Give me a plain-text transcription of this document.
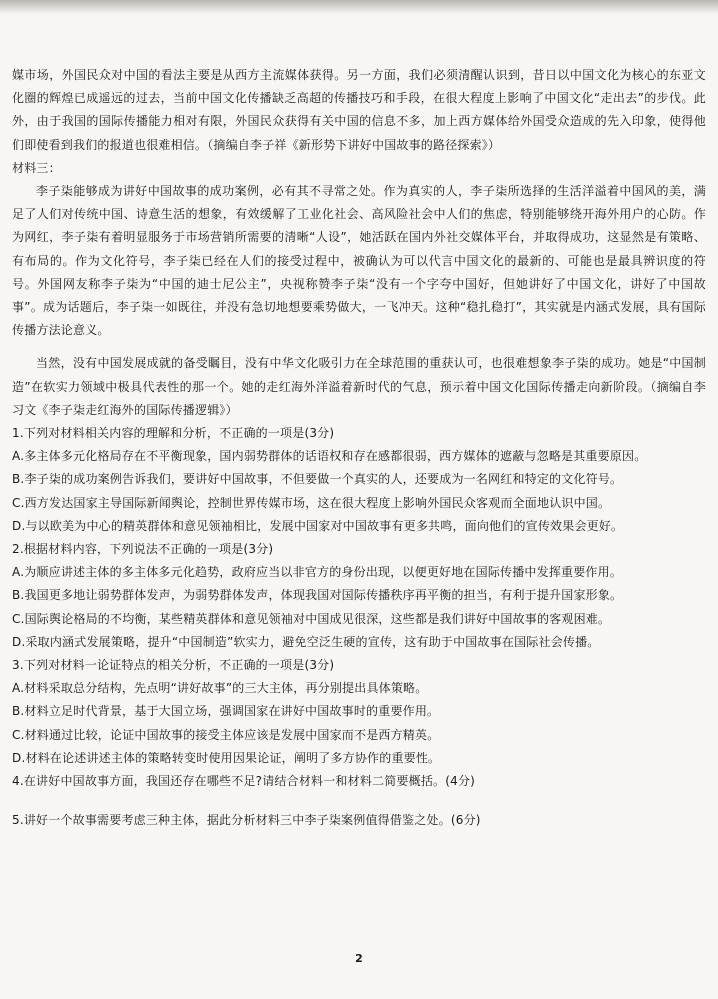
媒市场，外国民众对中国的看法主要是从西方主流媒体获得。另一方面，我们必须清醒认识到，昔日以中国文化为核心的东亚文化圈的辉煌已成遥远的过去，当前中国文化传播缺乏高超的传播技巧和手段，在很大程度上影响了中国文化“走出去”的步伐。此外，由于我国的国际传播能力相对有限，外国民众获得有关中国的信息不多，加上西方媒体给外国受众造成的先入印象，使得他们即使看到我们的报道也很难相信。（摘编自李子祥《新形势下讲好中国故事的路径探索》）

材料三：

李子柒能够成为讲好中国故事的成功案例，必有其不寻常之处。作为真实的人，李子柒所选择的生活洋溢着中国风的美，满足了人们对传统中国、诗意生活的想象，有效缓解了工业化社会、高风险社会中人们的焦虑，特别能够绕开海外用户的心防。作为网红，李子柒有着明显服务于市场营销所需要的清晰“人设”，她活跃在国内外社交媒体平台，并取得成功，这显然是有策略、有布局的。作为文化符号，李子柒已经在人们的接受过程中，被确认为可以代言中国文化的最新的、可能也是最具辨识度的符号。外国网友称李子柒为“中国的迪士尼公主”，央视称赞李子柒“没有一个字夸中国好，但她讲好了中国文化，讲好了中国故事”。成为话题后，李子柒一如既往，并没有急切地想要乘势做大，一飞冲天。这种“稳扎稳打”，其实就是内涵式发展，具有国际传播方法论意义。

当然，没有中国发展成就的备受瞩目，没有中华文化吸引力在全球范围的重获认可，也很难想象李子柒的成功。她是“中国制造”在软实力领域中极具代表性的那一个。她的走红海外洋溢着新时代的气息，预示着中国文化国际传播走向新阶段。（摘编自李习文《李子柒走红海外的国际传播逻辑》）

1.下列对材料相关内容的理解和分析，不正确的一项是(3分)

A.多主体多元化格局存在不平衡现象，国内弱势群体的话语权和存在感都很弱，西方媒体的遮蔽与忽略是其重要原因。

B.李子柒的成功案例告诉我们，要讲好中国故事，不但要做一个真实的人，还要成为一名网红和特定的文化符号。

C.西方发达国家主导国际新闻舆论，控制世界传媒市场，这在很大程度上影响外国民众客观而全面地认识中国。

D.与以欧美为中心的精英群体和意见领袖相比，发展中国家对中国故事有更多共鸣，面向他们的宣传效果会更好。

2.根据材料内容，下列说法不正确的一项是(3分)

A.为顺应讲述主体的多主体多元化趋势，政府应当以非官方的身份出现，以便更好地在国际传播中发挥重要作用。

B.我国更多地让弱势群体发声，为弱势群体发声，体现我国对国际传播秩序再平衡的担当，有利于提升国家形象。

C.国际舆论格局的不均衡，某些精英群体和意见领袖对中国成见很深，这些都是我们讲好中国故事的客观困难。

D.采取内涵式发展策略，提升“中国制造”软实力，避免空泛生硬的宣传，这有助于中国故事在国际社会传播。

3.下列对材料一论证特点的相关分析，不正确的一项是(3分)

A.材料采取总分结构，先点明“讲好故事”的三大主体，再分别提出具体策略。

B.材料立足时代背景，基于大国立场，强调国家在讲好中国故事时的重要作用。

C.材料通过比较，论证中国故事的接受主体应该是发展中国家而不是西方精英。

D.材料在论述讲述主体的策略转变时使用因果论证，阐明了多方协作的重要性。

4.在讲好中国故事方面，我国还存在哪些不足?请结合材料一和材料二简要概括。(4分)

5.讲好一个故事需要考虑三种主体，据此分析材料三中李子柒案例值得借鉴之处。(6分)

2
